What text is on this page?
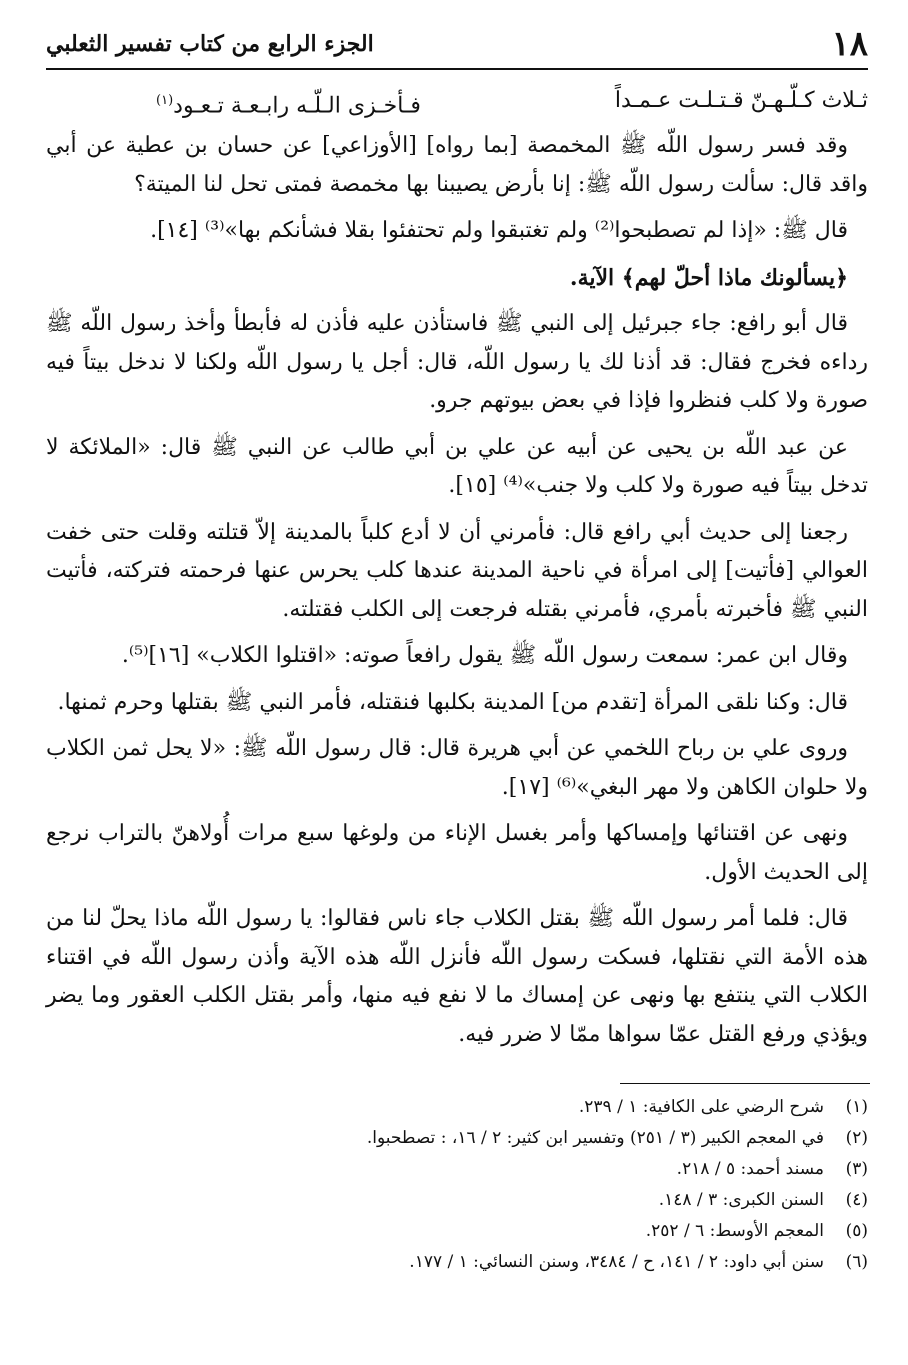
١٨
الجزء الرابع من كتاب تفسير الثعلبي
ثـلاث كـلّـهـنّ قـتـلـت عـمـداً
فـأخـزى الـلّـه رابـعـة تـعـود$^{(١)}$

وقد فسر رسول اللّه ﷺ المخمصة [بما رواه] [الأوزاعي] عن حسان بن عطية عن أبي واقد قال: سألت رسول اللّه ﷺ: إنا بأرض يصيبنا بها مخمصة فمتى تحل لنا الميتة؟

قال ﷺ: «إذا لم تصطبحوا⁽²⁾ ولم تغتبقوا ولم تحتفئوا بقلا فشأنكم بها»⁽³⁾ [١٤].

﴿يسألونك ماذا أحلّ لهم﴾ الآية.

قال أبو رافع: جاء جبرئيل إلى النبي ﷺ فاستأذن عليه فأذن له فأبطأ وأخذ رسول اللّه ﷺ رداءه فخرج فقال: قد أذنا لك يا رسول اللّه، قال: أجل يا رسول اللّه ولكنا لا ندخل بيتاً فيه صورة ولا كلب فنظروا فإذا في بعض بيوتهم جرو.

عن عبد اللّه بن يحيى عن أبيه عن علي بن أبي طالب عن النبي ﷺ قال: «الملائكة لا تدخل بيتاً فيه صورة ولا كلب ولا جنب»⁽⁴⁾ [١٥].

رجعنا إلى حديث أبي رافع قال: فأمرني أن لا أدع كلباً بالمدينة إلاّ قتلته وقلت حتى خفت العوالي [فأتيت] إلى امرأة في ناحية المدينة عندها كلب يحرس عنها فرحمته فتركته، فأتيت النبي ﷺ فأخبرته بأمري، فأمرني بقتله فرجعت إلى الكلب فقتلته.

وقال ابن عمر: سمعت رسول اللّه ﷺ يقول رافعاً صوته: «اقتلوا الكلاب» [١٦]⁽⁵⁾.

قال: وكنا نلقى المرأة [تقدم من] المدينة بكلبها فنقتله، فأمر النبي ﷺ بقتلها وحرم ثمنها.

وروى علي بن رباح اللخمي عن أبي هريرة قال: قال رسول اللّه ﷺ: «لا يحل ثمن الكلاب ولا حلوان الكاهن ولا مهر البغي»⁽⁶⁾ [١٧].

ونهى عن اقتنائها وإمساكها وأمر بغسل الإناء من ولوغها سبع مرات أُولاهنّ بالتراب نرجع إلى الحديث الأول.

قال: فلما أمر رسول اللّه ﷺ بقتل الكلاب جاء ناس فقالوا: يا رسول اللّه ماذا يحلّ لنا من هذه الأمة التي نقتلها، فسكت رسول اللّه فأنزل اللّه هذه الآية وأذن رسول اللّه في اقتناء الكلاب التي ينتفع بها ونهى عن إمساك ما لا نفع فيه منها، وأمر بقتل الكلب العقور وما يضر ويؤذي ورفع القتل عمّا سواها ممّا لا ضرر فيه.

(١)
شرح الرضي على الكافية: ١ / ٢٣٩.
(٢)
في المعجم الكبير (٣ / ٢٥١) وتفسير ابن كثير: ٢ / ١٦، : تصطحبوا.
(٣)
مسند أحمد: ٥ / ٢١٨.
(٤)
السنن الكبرى: ٣ / ١٤٨.
(٥)
المعجم الأوسط: ٦ / ٢٥٢.
(٦)
سنن أبي داود: ٢ / ١٤١، ح / ٣٤٨٤، وسنن النسائي: ١ / ١٧٧.
